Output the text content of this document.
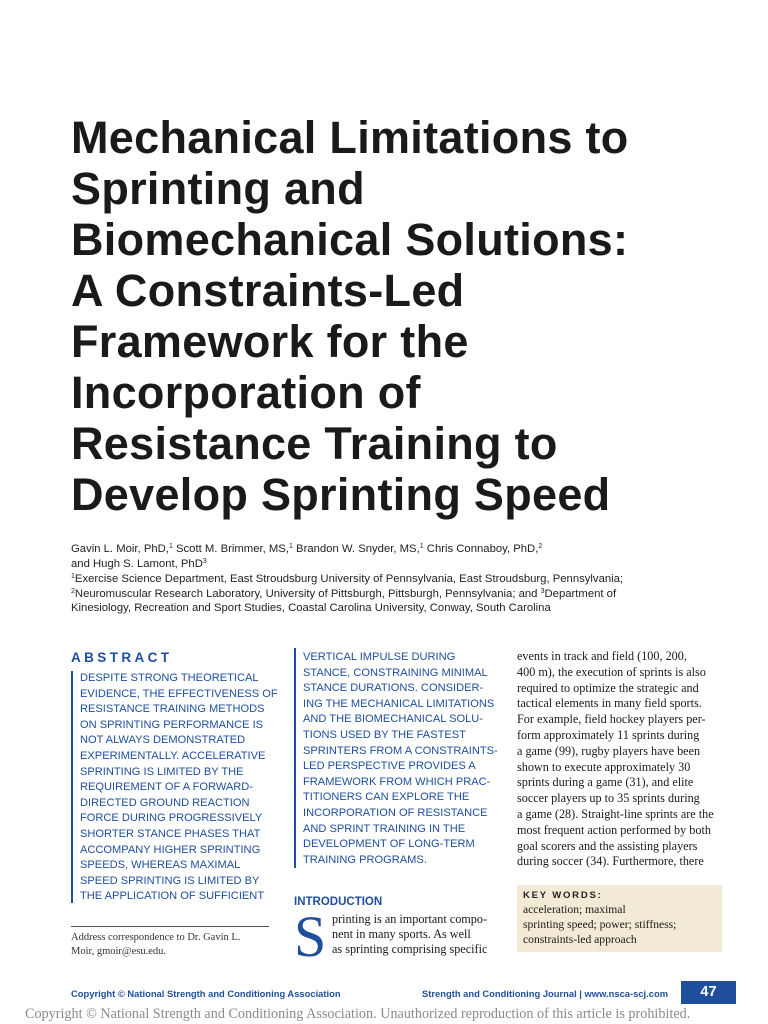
Mechanical Limitations to
Sprinting and
Biomechanical Solutions:
A Constraints-Led
Framework for the
Incorporation of
Resistance Training to
Develop Sprinting Speed
Gavin L. Moir, PhD,$^1$ Scott M. Brimmer, MS,$^1$ Brandon W. Snyder, MS,$^1$ Chris Connaboy, PhD,$^2$
and Hugh S. Lamont, PhD$^3$
$^1$Exercise Science Department, East Stroudsburg University of Pennsylvania, East Stroudsburg, Pennsylvania;
$^2$Neuromuscular Research Laboratory, University of Pittsburgh, Pittsburgh, Pennsylvania; and $^3$Department of
Kinesiology, Recreation and Sport Studies, Coastal Carolina University, Conway, South Carolina
ABSTRACT
DESPITE STRONG THEORETICAL
EVIDENCE, THE EFFECTIVENESS OF
RESISTANCE TRAINING METHODS
ON SPRINTING PERFORMANCE IS
NOT ALWAYS DEMONSTRATED
EXPERIMENTALLY. ACCELERATIVE
SPRINTING IS LIMITED BY THE
REQUIREMENT OF A FORWARD-
DIRECTED GROUND REACTION
FORCE DURING PROGRESSIVELY
SHORTER STANCE PHASES THAT
ACCOMPANY HIGHER SPRINTING
SPEEDS, WHEREAS MAXIMAL
SPEED SPRINTING IS LIMITED BY
THE APPLICATION OF SUFFICIENT
VERTICAL IMPULSE DURING
STANCE, CONSTRAINING MINIMAL
STANCE DURATIONS. CONSIDER-
ING THE MECHANICAL LIMITATIONS
AND THE BIOMECHANICAL SOLU-
TIONS USED BY THE FASTEST
SPRINTERS FROM A CONSTRAINTS-
LED PERSPECTIVE PROVIDES A
FRAMEWORK FROM WHICH PRAC-
TITIONERS CAN EXPLORE THE
INCORPORATION OF RESISTANCE
AND SPRINT TRAINING IN THE
DEVELOPMENT OF LONG-TERM
TRAINING PROGRAMS.
INTRODUCTION
S printing is an important compo-
nent in many sports. As well
as sprinting comprising specific
events in track and field (100, 200,
400 m), the execution of sprints is also
required to optimize the strategic and
tactical elements in many field sports.
For example, field hockey players per-
form approximately 11 sprints during
a game (99), rugby players have been
shown to execute approximately 30
sprints during a game (31), and elite
soccer players up to 35 sprints during
a game (28). Straight-line sprints are the
most frequent action performed by both
goal scorers and the assisting players
during soccer (34). Furthermore, there
KEY WORDS:
acceleration; maximal
sprinting speed; power; stiffness;
constraints-led approach
Address correspondence to Dr. Gavin L.
Moir, gmoir@esu.edu.
Copyright © National Strength and Conditioning Association	Strength and Conditioning Journal | www.nsca-scj.com	47
Copyright © National Strength and Conditioning Association. Unauthorized reproduction of this article is prohibited.
